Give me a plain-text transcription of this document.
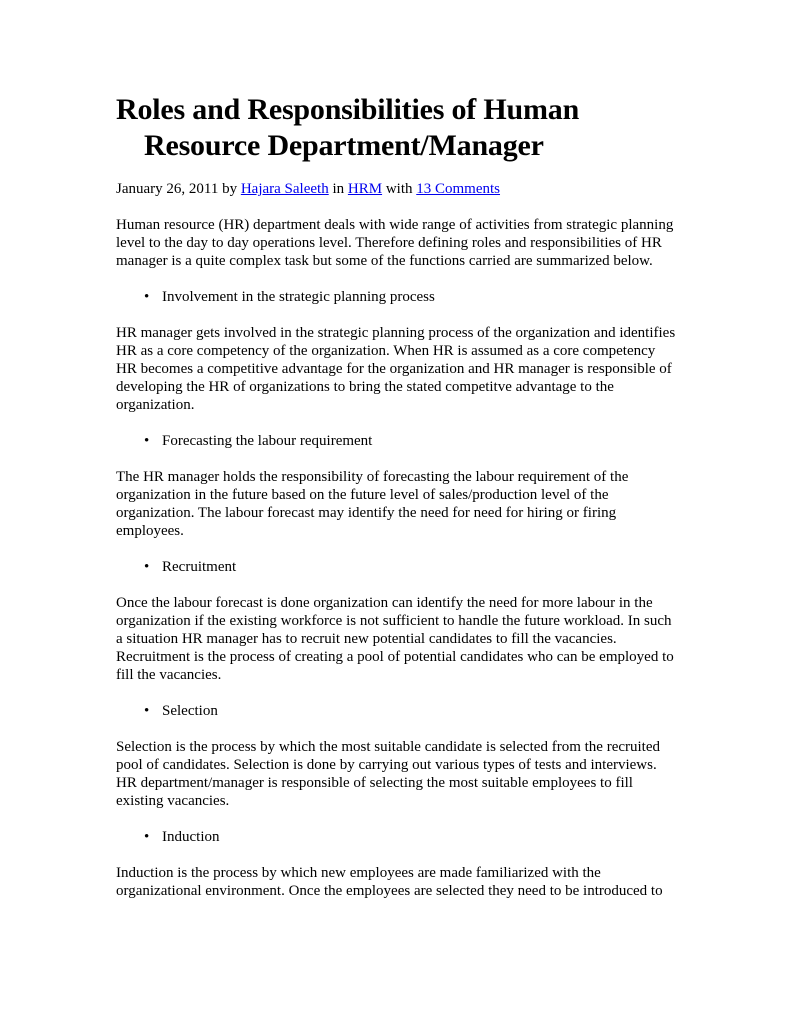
Roles and Responsibilities of Human Resource Department/Manager
January 26, 2011 by Hajara Saleeth in HRM with 13 Comments

Human resource (HR) department deals with wide range of activities from strategic planning level to the day to day operations level. Therefore defining roles and responsibilities of HR manager is a quite complex task but some of the functions carried are summarized below.

• Involvement in the strategic planning process

HR manager gets involved in the strategic planning process of the organization and identifies HR as a core competency of the organization. When HR is assumed as a core competency HR becomes a competitive advantage for the organization and HR manager is responsible of developing the HR of organizations to bring the stated competitve advantage to the organization.

• Forecasting the labour requirement

The HR manager holds the responsibility of forecasting the labour requirement of the organization in the future based on the future level of sales/production level of the organization. The labour forecast may identify the need for need for hiring or firing employees.

• Recruitment

Once the labour forecast is done organization can identify the need for more labour in the organization if the existing workforce is not sufficient to handle the future workload. In such a situation HR manager has to recruit new potential candidates to fill the vacancies. Recruitment is the process of creating a pool of potential candidates who can be employed to fill the vacancies.

• Selection

Selection is the process by which the most suitable candidate is selected from the recruited pool of candidates. Selection is done by carrying out various types of tests and interviews. HR department/manager is responsible of selecting the most suitable employees to fill existing vacancies.

• Induction

Induction is the process by which new employees are made familiarized with the organizational environment. Once the employees are selected they need to be introduced to
